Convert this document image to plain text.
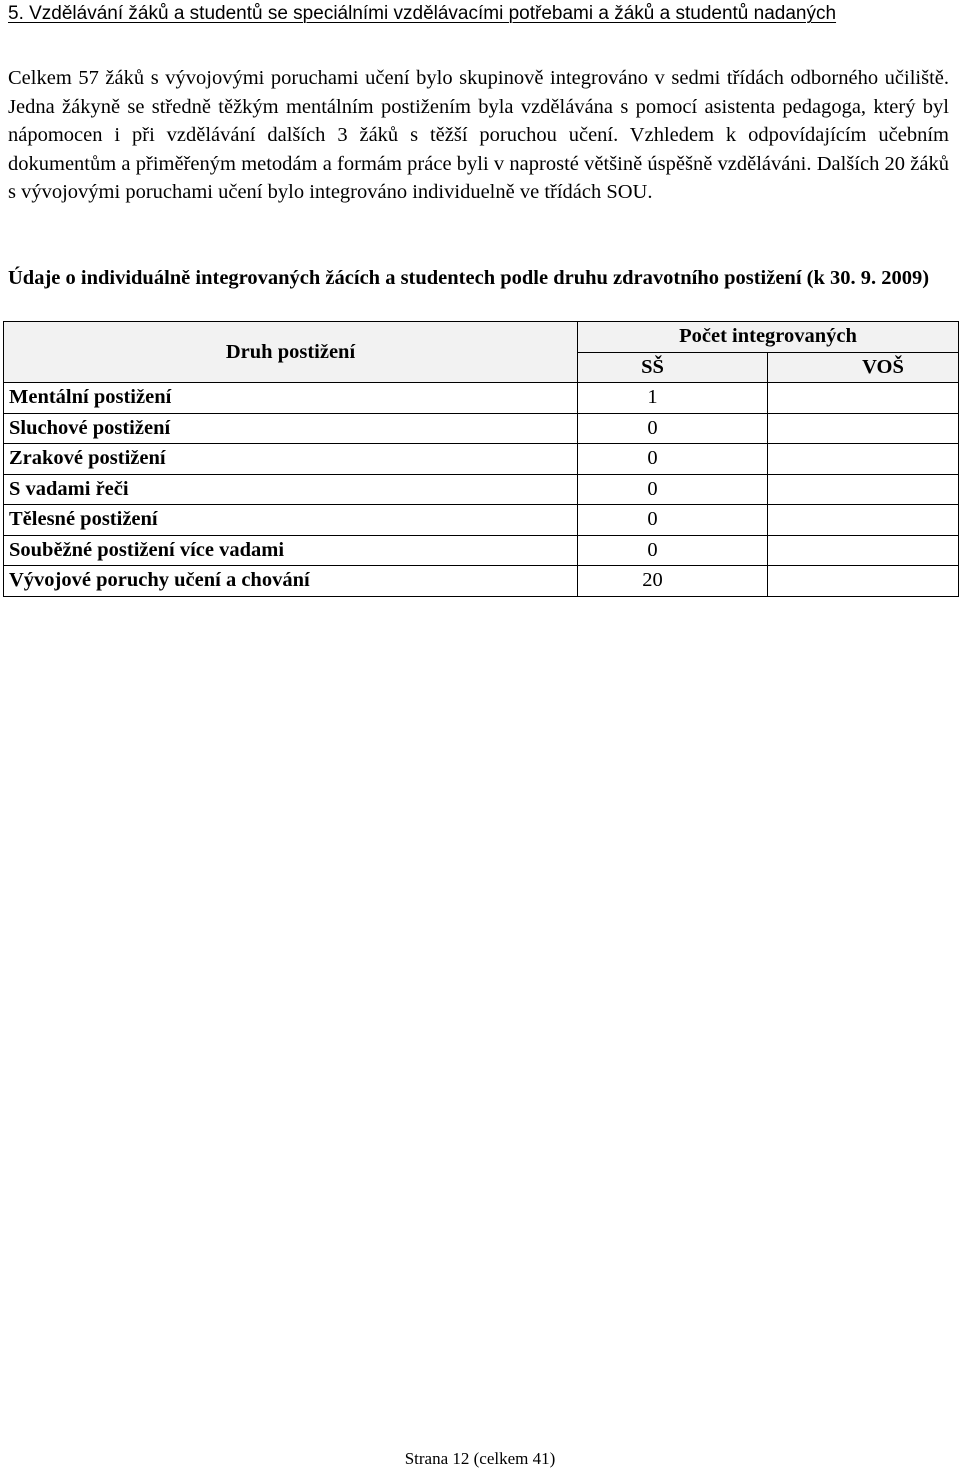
5. Vzdělávání žáků a studentů se speciálními vzdělávacími potřebami a žáků a studentů nadaných
Celkem 57 žáků s vývojovými poruchami učení bylo skupinově integrováno v sedmi třídách odborného učiliště. Jedna žákyně se středně těžkým mentálním postižením byla vzdělávána s pomocí asistenta pedagoga, který byl nápomocen i při vzdělávání dalších 3 žáků s těžší poruchou učení. Vzhledem k odpovídajícím učebním dokumentům a přiměřeným metodám a formám práce byli v naprosté většině úspěšně vzděláváni. Dalších 20 žáků s vývojovými poruchami učení bylo integrováno individuelně ve třídách SOU.
Údaje o individuálně integrovaných žácích a studentech podle druhu zdravotního postižení (k 30. 9. 2009)
Druh postižení	Počet integrovaných	
	SŠ	VOŠ
Mentální postižení	1	
Sluchové postižení	0	
Zrakové postižení	0	
S vadami řeči	0	
Tělesné postižení	0	
Souběžné postižení více vadami	0	
Vývojové poruchy učení a chování	20	
Strana 12 (celkem 41)
